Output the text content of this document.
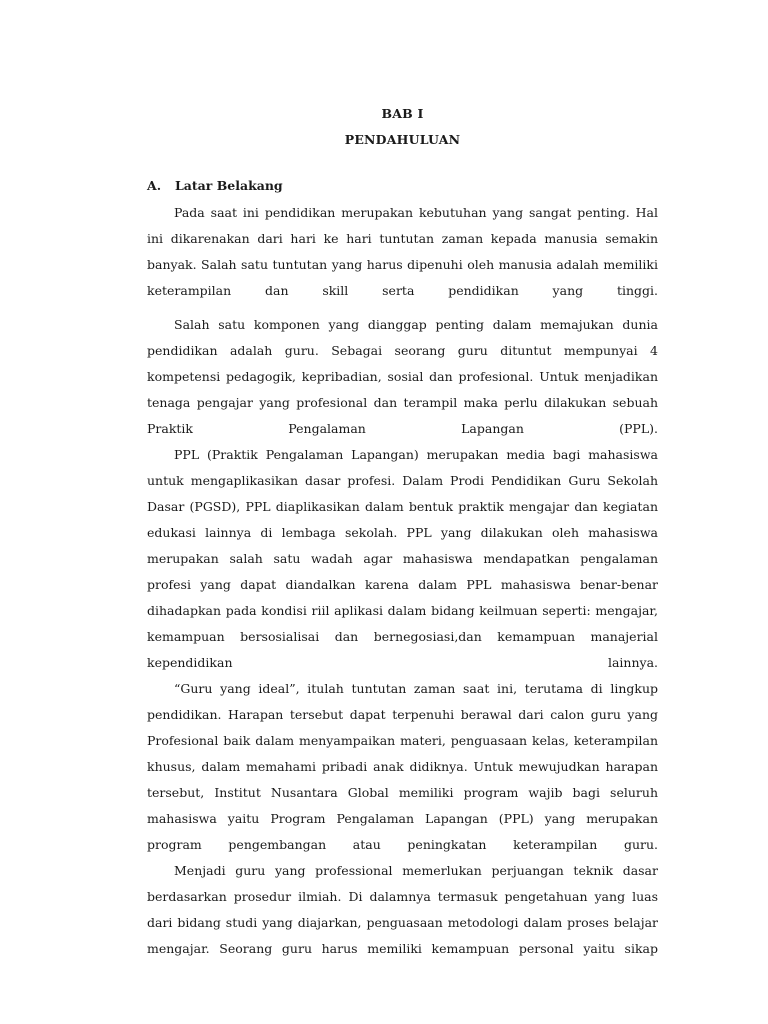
BAB I
PENDAHULUAN
A. Latar Belakang

Pada saat ini pendidikan merupakan kebutuhan yang sangat penting. Hal ini dikarenakan dari hari ke hari tuntutan zaman kepada manusia semakin banyak. Salah satu tuntutan yang harus dipenuhi oleh manusia adalah memiliki keterampilan dan skill serta pendidikan yang tinggi.

Salah satu komponen yang dianggap penting dalam memajukan dunia pendidikan adalah guru. Sebagai seorang guru dituntut mempunyai 4 kompetensi pedagogik, kepribadian, sosial dan profesional. Untuk menjadikan tenaga pengajar yang profesional dan terampil maka perlu dilakukan sebuah Praktik Pengalaman Lapangan (PPL).

PPL (Praktik Pengalaman Lapangan) merupakan media bagi mahasiswa untuk mengaplikasikan dasar profesi. Dalam Prodi Pendidikan Guru Sekolah Dasar (PGSD), PPL diaplikasikan dalam bentuk praktik mengajar dan kegiatan edukasi lainnya di lembaga sekolah. PPL yang dilakukan oleh mahasiswa merupakan salah satu wadah agar mahasiswa mendapatkan pengalaman profesi yang dapat diandalkan karena dalam PPL mahasiswa benar-benar dihadapkan pada kondisi riil aplikasi dalam bidang keilmuan seperti: mengajar, kemampuan bersosialisai dan bernegosiasi,dan kemampuan manajerial kependidikan lainnya.

“Guru yang ideal”, itulah tuntutan zaman saat ini, terutama di lingkup pendidikan. Harapan tersebut dapat terpenuhi berawal dari calon guru yang Profesional baik dalam menyampaikan materi, penguasaan kelas, keterampilan khusus, dalam memahami pribadi anak didiknya. Untuk mewujudkan harapan tersebut, Institut Nusantara Global memiliki program wajib bagi seluruh mahasiswa yaitu Program Pengalaman Lapangan (PPL) yang merupakan program pengembangan atau peningkatan keterampilan guru.

Menjadi guru yang professional memerlukan perjuangan teknik dasar berdasarkan prosedur ilmiah. Di dalamnya termasuk pengetahuan yang luas dari bidang studi yang diajarkan, penguasaan metodologi dalam proses belajar mengajar. Seorang guru harus memiliki kemampuan personal yaitu sikap
